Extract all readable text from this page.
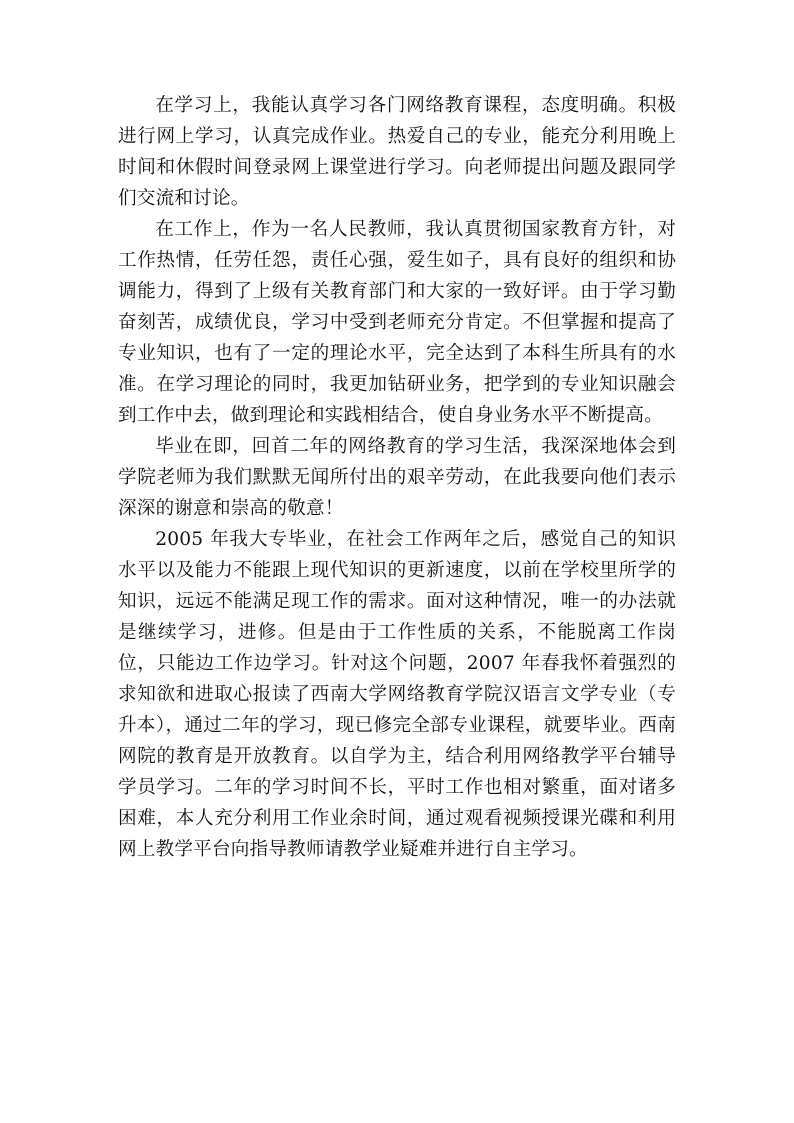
在学习上，我能认真学习各门网络教育课程，态度明确。积极进行网上学习，认真完成作业。热爱自己的专业，能充分利用晚上时间和休假时间登录网上课堂进行学习。向老师提出问题及跟同学们交流和讨论。

在工作上，作为一名人民教师，我认真贯彻国家教育方针，对工作热情，任劳任怨，责任心强，爱生如子，具有良好的组织和协调能力，得到了上级有关教育部门和大家的一致好评。由于学习勤奋刻苦，成绩优良，学习中受到老师充分肯定。不但掌握和提高了专业知识，也有了一定的理论水平，完全达到了本科生所具有的水准。在学习理论的同时，我更加钻研业务，把学到的专业知识融会到工作中去，做到理论和实践相结合，使自身业务水平不断提高。

毕业在即，回首二年的网络教育的学习生活，我深深地体会到学院老师为我们默默无闻所付出的艰辛劳动，在此我要向他们表示深深的谢意和崇高的敬意！

2005 年我大专毕业，在社会工作两年之后，感觉自己的知识水平以及能力不能跟上现代知识的更新速度，以前在学校里所学的知识，远远不能满足现工作的需求。面对这种情况，唯一的办法就是继续学习，进修。但是由于工作性质的关系，不能脱离工作岗位，只能边工作边学习。针对这个问题，2007 年春我怀着强烈的求知欲和进取心报读了西南大学网络教育学院汉语言文学专业（专升本），通过二年的学习，现已修完全部专业课程，就要毕业。西南网院的教育是开放教育。以自学为主，结合利用网络教学平台辅导学员学习。二年的学习时间不长，平时工作也相对繁重，面对诸多困难，本人充分利用工作业余时间，通过观看视频授课光碟和利用网上教学平台向指导教师请教学业疑难并进行自主学习。
